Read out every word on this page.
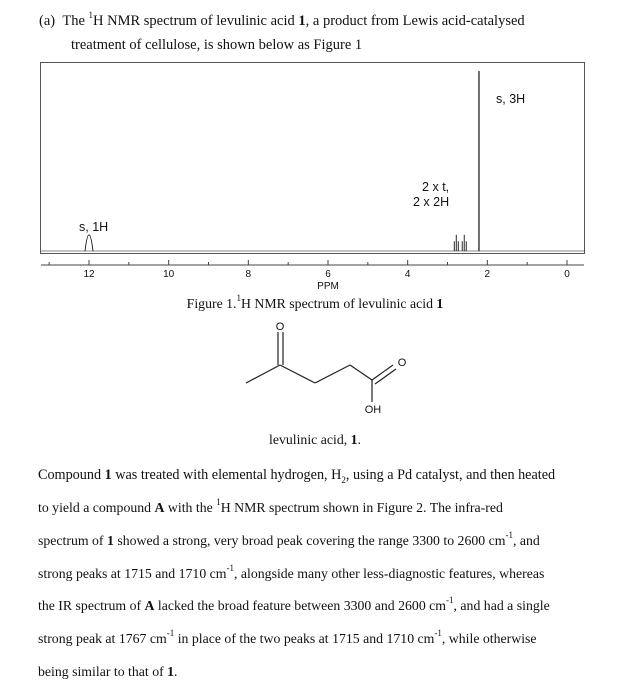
(a) The $^1$H NMR spectrum of levulinic acid 1, a product from Lewis acid-catalysed
treatment of cellulose, is shown below as Figure 1
12	10	8	6	4	2	0
PPM
s, 1H
2 x t,
2 x 2H
s, 3H
Figure 1.$^1$H NMR spectrum of levulinic acid 1
O
O
OH
levulinic acid, 1.
Compound 1 was treated with elemental hydrogen, $H_2$, using a Pd catalyst, and then heated
to yield a compound A with the $^1$H NMR spectrum shown in Figure 2. The infra-red
spectrum of 1 showed a strong, very broad peak covering the range 3300 to 2600 $cm^{-1}$, and
strong peaks at 1715 and 1710 $cm^{-1}$, alongside many other less-diagnostic features, whereas
the IR spectrum of A lacked the broad feature between 3300 and 2600 $cm^{-1}$, and had a single
strong peak at 1767 $cm^{-1}$ in place of the two peaks at 1715 and 1710 $cm^{-1}$, while otherwise
being similar to that of 1.
